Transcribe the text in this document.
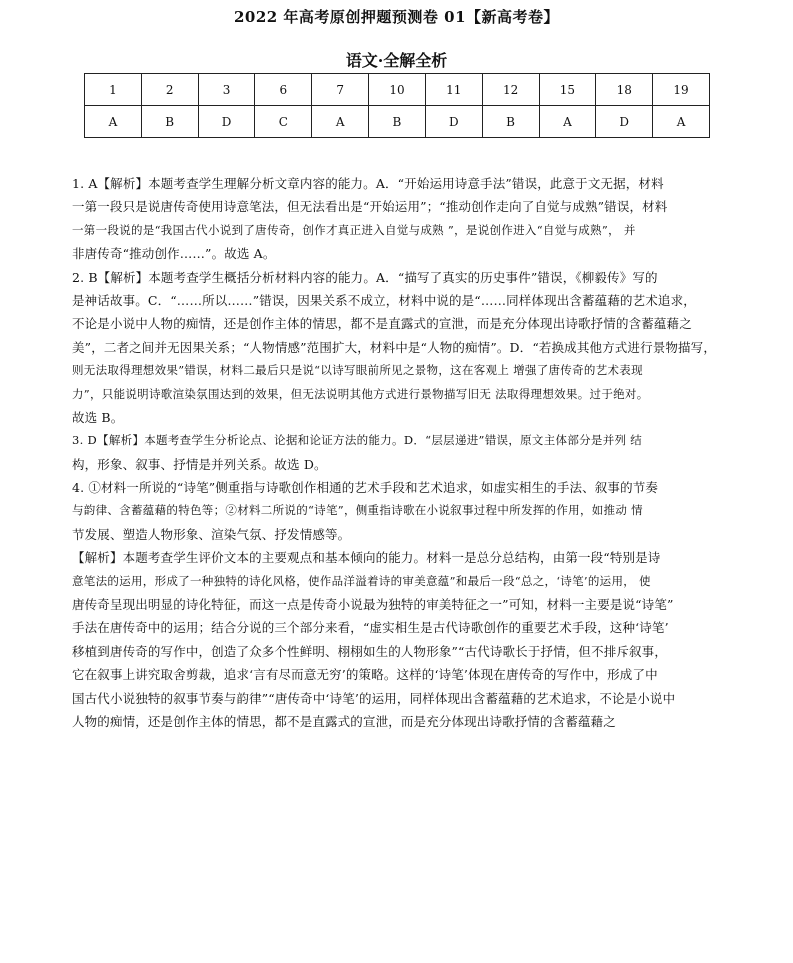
2022 年高考原创押题预测卷 01【新高考卷】
语文·全解全析
1	2	3	6	7	10	11	12	15	18	19
A	B	D	C	A	B	D	B	A	D	A
1. A【解析】本题考查学生理解分析文章内容的能力。A．“开始运用诗意手法”错误，此意于文无据，材料
一第一段只是说唐传奇使用诗意笔法，但无法看出是“开始运用”；“推动创作走向了自觉与成熟”错误，材料
一第一段说的是“我国古代小说到了唐传奇，创作才真正进入自觉与成熟 ”，是说创作进入“自觉与成熟”， 并
非唐传奇“推动创作……”。故选 A。
2. B【解析】本题考查学生概括分析材料内容的能力。A．“描写了真实的历史事件”错误，《柳毅传》写的
是神话故事。C．“……所以……”错误，因果关系不成立，材料中说的是“……同样体现出含蓄蕴藉的艺术追求，
不论是小说中人物的痴情，还是创作主体的情思，都不是直露式的宣泄，而是充分体现出诗歌抒情的含蓄蕴藉之
美”，二者之间并无因果关系；“人物情感”范围扩大，材料中是“人物的痴情”。D．“若换成其他方式进行景物描写，
则无法取得理想效果”错误，材料二最后只是说“以诗写眼前所见之景物，这在客观上 增强了唐传奇的艺术表现
力”，只能说明诗歌渲染氛围达到的效果，但无法说明其他方式进行景物描写旧无 法取得理想效果。过于绝对。
故选 B。
3. D【解析】本题考查学生分析论点、论据和论证方法的能力。D．“层层递进”错误，原文主体部分是并列 结
构，形象、叙事、抒情是并列关系。故选 D。
4. ①材料一所说的“诗笔”侧重指与诗歌创作相通的艺术手段和艺术追求，如虚实相生的手法、叙事的节奏
与韵律、含蓄蕴藉的特色等；②材料二所说的“诗笔”，侧重指诗歌在小说叙事过程中所发挥的作用，如推动 情
节发展、塑造人物形象、渲染气氛、抒发情感等。
【解析】本题考查学生评价文本的主要观点和基本倾向的能力。材料一是总分总结构，由第一段“特别是诗
意笔法的运用，形成了一种独特的诗化风格，使作品洋溢着诗的审美意蕴”和最后一段“总之，‘诗笔’的运用， 使
唐传奇呈现出明显的诗化特征，而这一点是传奇小说最为独特的审美特征之一”可知，材料一主要是说“诗笔”
手法在唐传奇中的运用；结合分说的三个部分来看，“虚实相生是古代诗歌创作的重要艺术手段，这种‘诗笔’
移植到唐传奇的写作中，创造了众多个性鲜明、栩栩如生的人物形象”“古代诗歌长于抒情，但不排斥叙事，
它在叙事上讲究取舍剪裁，追求‘言有尽而意无穷’的策略。这样的‘诗笔’体现在唐传奇的写作中，形成了中
国古代小说独特的叙事节奏与韵律”“唐传奇中‘诗笔’的运用，同样体现出含蓄蕴藉的艺术追求，不论是小说中
人物的痴情，还是创作主体的情思，都不是直露式的宣泄，而是充分体现出诗歌抒情的含蓄蕴藉之
